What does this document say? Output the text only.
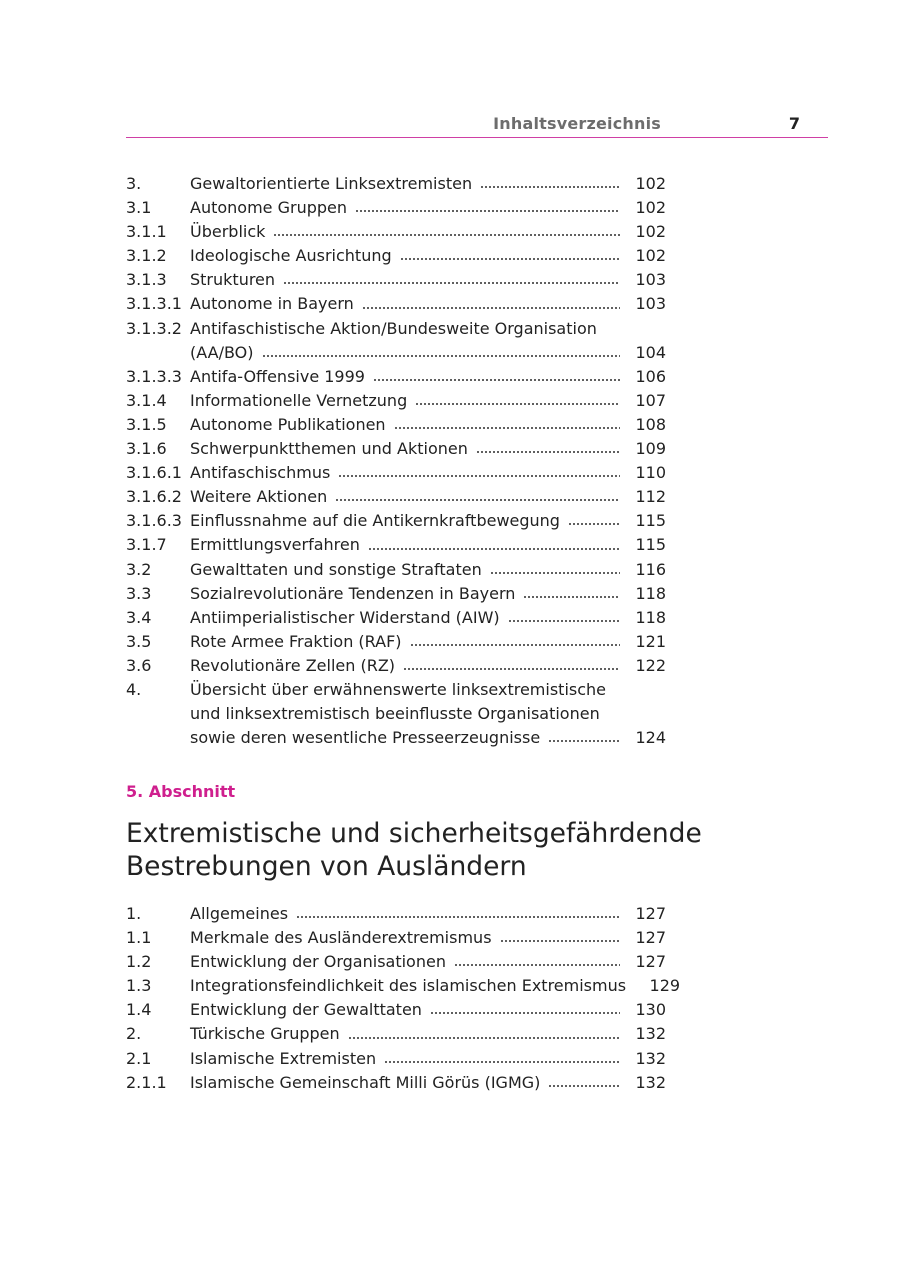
Inhaltsverzeichnis	7
3.	Gewaltorientierte Linksextremisten	102
3.1	Autonome Gruppen	102
3.1.1	Überblick	102
3.1.2	Ideologische Ausrichtung	102
3.1.3	Strukturen	103
3.1.3.1 Autonome in Bayern	103
3.1.3.2 Antifaschistische Aktion/Bundesweite Organisation
(AA/BO)	104
3.1.3.3 Antifa-Offensive 1999	106
3.1.4	Informationelle Vernetzung	107
3.1.5	Autonome Publikationen	108
3.1.6	Schwerpunktthemen und Aktionen	109
3.1.6.1 Antifaschischmus	110
3.1.6.2 Weitere Aktionen	112
3.1.6.3 Einflussnahme auf die Antikernkraftbewegung	115
3.1.7	Ermittlungsverfahren	115
3.2	Gewalttaten und sonstige Straftaten	116
3.3	Sozialrevolutionäre Tendenzen in Bayern	118
3.4	Antiimperialistischer Widerstand (AIW)	118
3.5	Rote Armee Fraktion (RAF)	121
3.6	Revolutionäre Zellen (RZ)	122
4.	Übersicht über erwähnenswerte linksextremistische
und linksextremistisch beeinflusste Organisationen
sowie deren wesentliche Presseerzeugnisse	124
5. Abschnitt
Extremistische und sicherheitsgefährdende
Bestrebungen von Ausländern
1.	Allgemeines	127
1.1	Merkmale des Ausländerextremismus	127
1.2	Entwicklung der Organisationen	127
1.3	Integrationsfeindlichkeit des islamischen Extremismus	129
1.4	Entwicklung der Gewalttaten	130
2.	Türkische Gruppen	132
2.1	Islamische Extremisten	132
2.1.1	Islamische Gemeinschaft Milli Görüs (IGMG)	132
